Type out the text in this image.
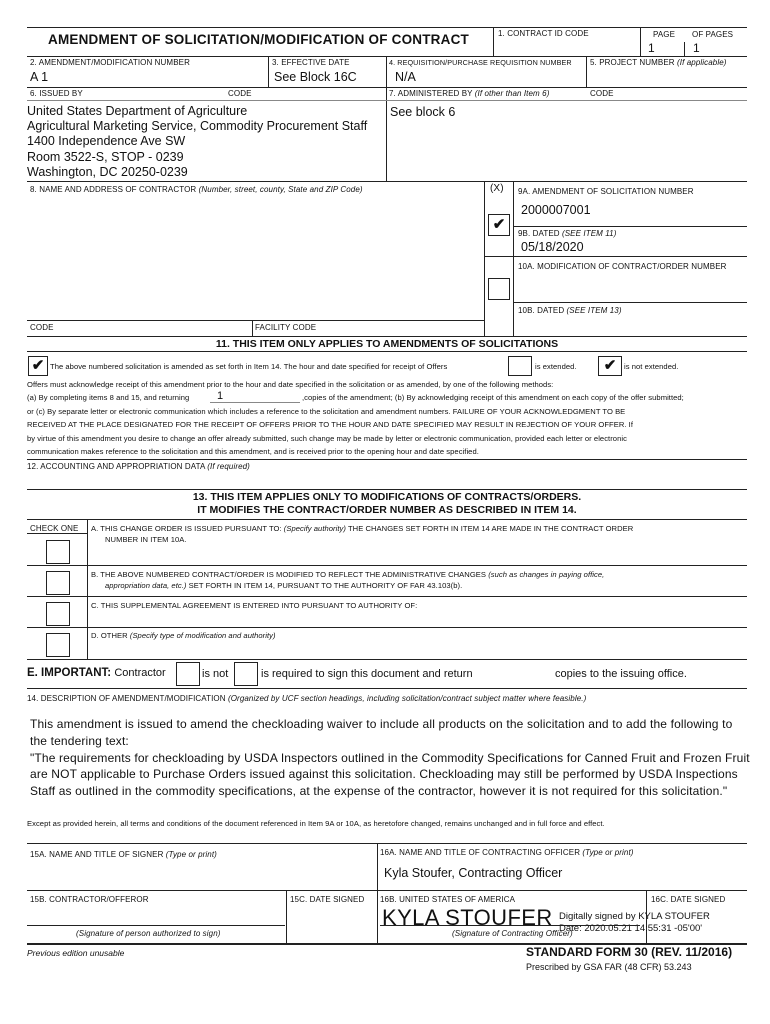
AMENDMENT OF SOLICITATION/MODIFICATION OF CONTRACT	1. CONTRACT ID CODE	PAGE OF PAGES
1	1
2. AMENDMENT/MODIFICATION NUMBER	3. EFFECTIVE DATE	4. REQUISITION/PURCHASE REQUISITION NUMBER 5. PROJECT NUMBER (If applicable)
A 1	See Block 16C	N/A
6. ISSUED BY	CODE	7. ADMINISTERED BY (If other than Item 6)	CODE
United States Department of Agriculture
Agricultural Marketing Service, Commodity Procurement Staff
1400 Independence Ave SW
Room 3522-S, STOP - 0239
Washington, DC 20250-0239
See block 6
8. NAME AND ADDRESS OF CONTRACTOR (Number, street, county, State and ZIP Code)	(X) 9A. AMENDMENT OF SOLICITATION NUMBER
2000007001
✔
9B. DATED (SEE ITEM 11)
05/18/2020
10A. MODIFICATION OF CONTRACT/ORDER NUMBER
10B. DATED (SEE ITEM 13)
CODE	FACILITY CODE
11. THIS ITEM ONLY APPLIES TO AMENDMENTS OF SOLICITATIONS
✔ The above numbered solicitation is amended as set forth in Item 14. The hour and date specified for receipt of Offers	is extended.	✔	is not extended.
Offers must acknowledge receipt of this amendment prior to the hour and date specified in the solicitation or as amended, by one of the following methods:
(a) By completing items 8 and 15, and returning	1	,copies of the amendment; (b) By acknowledging receipt of this amendment on each copy of the offer submitted;
or (c) By separate letter or electronic communication which includes a reference to the solicitation and amendment numbers. FAILURE OF YOUR ACKNOWLEDGMENT TO BE
RECEIVED AT THE PLACE DESIGNATED FOR THE RECEIPT OF OFFERS PRIOR TO THE HOUR AND DATE SPECIFIED MAY RESULT IN REJECTION OF YOUR OFFER. If
by virtue of this amendment you desire to change an offer already submitted, such change may be made by letter or electronic communication, provided each letter or electronic
communication makes reference to the solicitation and this amendment, and is received prior to the opening hour and date specified.
12. ACCOUNTING AND APPROPRIATION DATA (If required)
13. THIS ITEM APPLIES ONLY TO MODIFICATIONS OF CONTRACTS/ORDERS.
IT MODIFIES THE CONTRACT/ORDER NUMBER AS DESCRIBED IN ITEM 14.
CHECK ONE A. THIS CHANGE ORDER IS ISSUED PURSUANT TO: (Specify authority) THE CHANGES SET FORTH IN ITEM 14 ARE MADE IN THE CONTRACT ORDER
NUMBER IN ITEM 10A.
B. THE ABOVE NUMBERED CONTRACT/ORDER IS MODIFIED TO REFLECT THE ADMINISTRATIVE CHANGES (such as changes in paying office,
appropriation data, etc.) SET FORTH IN ITEM 14, PURSUANT TO THE AUTHORITY OF FAR 43.103(b).
C. THIS SUPPLEMENTAL AGREEMENT IS ENTERED INTO PURSUANT TO AUTHORITY OF:
D. OTHER (Specify type of modification and authority)
E. IMPORTANT: Contractor	is not	is required to sign this document and return	copies to the issuing office.
14. DESCRIPTION OF AMENDMENT/MODIFICATION (Organized by UCF section headings, including solicitation/contract subject matter where feasible.)
This amendment is issued to amend the checkloading waiver to include all products on the solicitation and to add the following to
the tendering text:
"The requirements for checkloading by USDA Inspectors outlined in the Commodity Specifications for Canned Fruit and Frozen Fruit
are NOT applicable to Purchase Orders issued against this solicitation. Checkloading may still be performed by USDA Inspections
Staff as outlined in the commodity specifications, at the expense of the contractor, however it is not required for this solicitation."
Except as provided herein, all terms and conditions of the document referenced in Item 9A or 10A, as heretofore changed, remains unchanged and in full force and effect.
15A. NAME AND TITLE OF SIGNER (Type or print)	16A. NAME AND TITLE OF CONTRACTING OFFICER (Type or print)
Kyla Stoufer, Contracting Officer
15B. CONTRACTOR/OFFEROR	15C. DATE SIGNED 16B. UNITED STATES OF AMERICA	16C. DATE SIGNED
(Signature of person authorized to sign)
KYLA STOUFER Digitally signed by KYLA STOUFER
Date: 2020.05.21 14:55:31 -05'00'
(Signature of Contracting Officer)
Previous edition unusable	STANDARD FORM 30 (REV. 11/2016)
Prescribed by GSA FAR (48 CFR) 53.243
